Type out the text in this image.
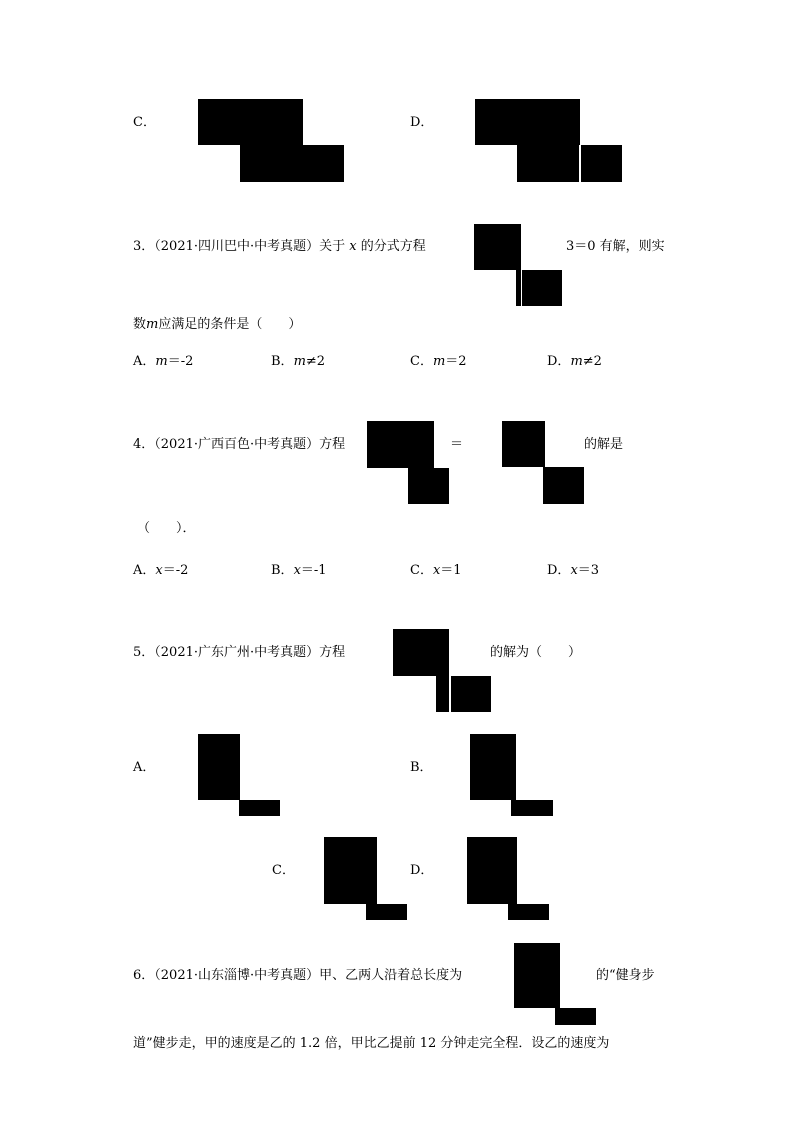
C．	D．
3．（2021·四川巴中·中考真题）关于 x 的分式方程	3＝0 有解，则实
数m应满足的条件是（　　）
A．m＝-2	B．m≠2	C．m＝2	D．m≠2
4．（2021·广西百色·中考真题）方程	＝	的解是
（　　）．
A．x＝-2	B．x＝-1	C．x＝1	D．x＝3
5．（2021·广东广州·中考真题）方程	的解为（　　）
A．	B．
C．	D．
6．（2021·山东淄博·中考真题）甲、乙两人沿着总长度为	的“健身步
道”健步走，甲的速度是乙的 1.2 倍，甲比乙提前 12 分钟走完全程．设乙的速度为
